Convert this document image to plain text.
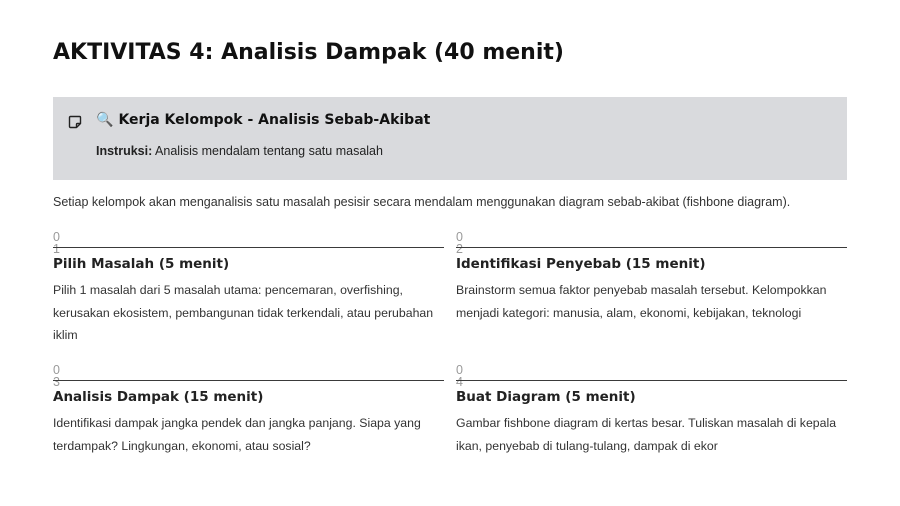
AKTIVITAS 4: Analisis Dampak (40 menit)
🔍 Kerja Kelompok - Analisis Sebab-Akibat
Instruksi: Analisis mendalam tentang satu masalah

Setiap kelompok akan menganalisis satu masalah pesisir secara mendalam menggunakan diagram sebab-akibat (fishbone diagram).

0
1
Pilih Masalah (5 menit)

Pilih 1 masalah dari 5 masalah utama: pencemaran, overfishing, kerusakan ekosistem, pembangunan tidak terkendali, atau perubahan iklim

0
2
Identifikasi Penyebab (15 menit)

Brainstorm semua faktor penyebab masalah tersebut. Kelompokkan menjadi kategori: manusia, alam, ekonomi, kebijakan, teknologi

0
3
Analisis Dampak (15 menit)

Identifikasi dampak jangka pendek dan jangka panjang. Siapa yang terdampak? Lingkungan, ekonomi, atau sosial?

0
4
Buat Diagram (5 menit)

Gambar fishbone diagram di kertas besar. Tuliskan masalah di kepala ikan, penyebab di tulang-tulang, dampak di ekor
